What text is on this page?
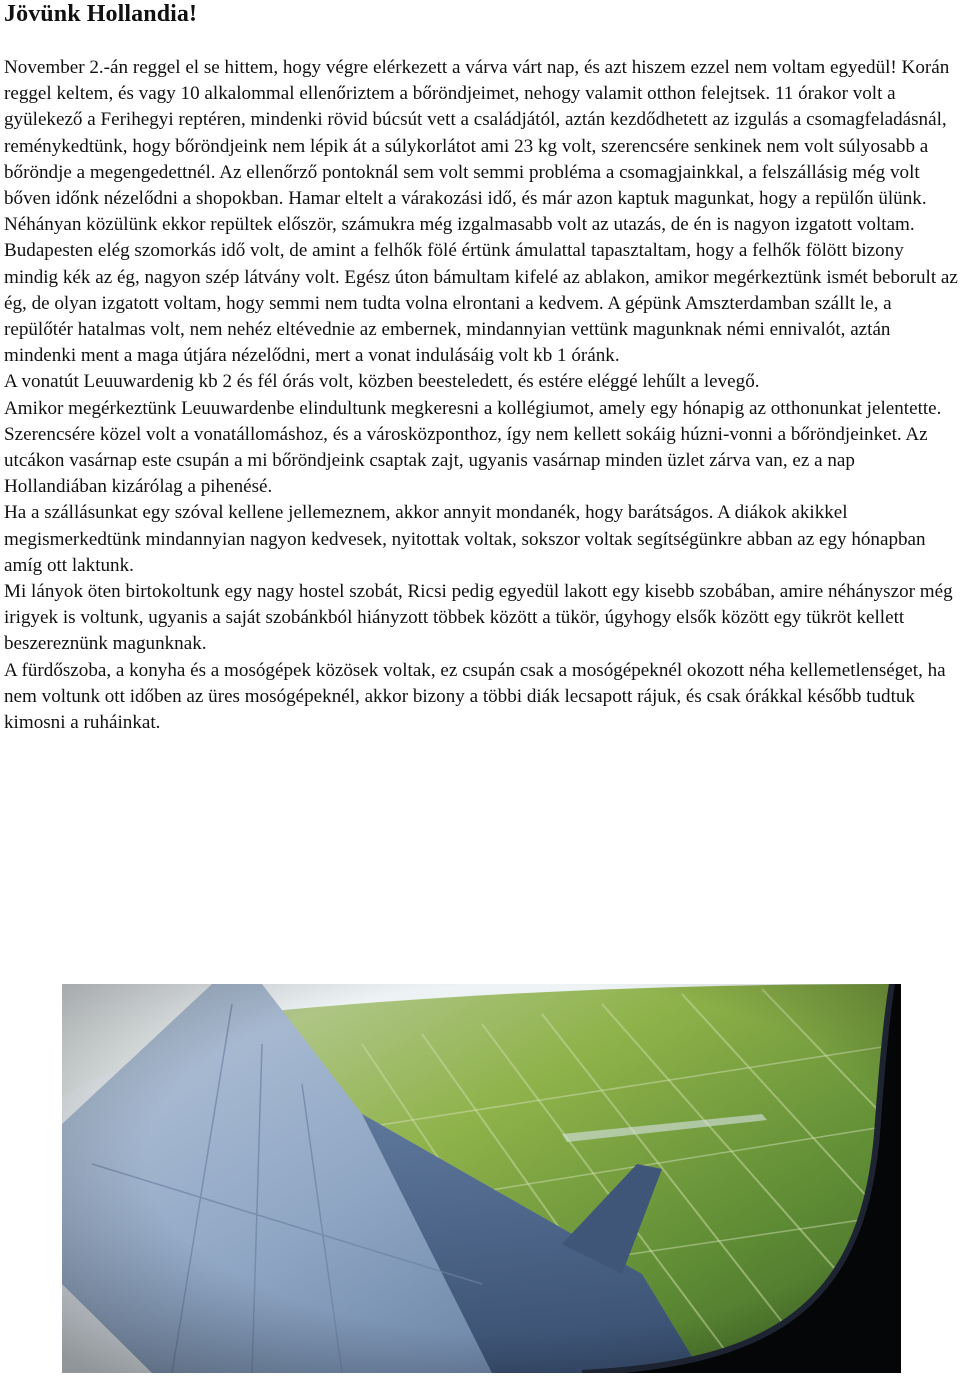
Jövünk Hollandia!

November 2.-án reggel el se hittem, hogy végre elérkezett a várva várt nap, és azt hiszem ezzel nem voltam egyedül! Korán reggel keltem, és vagy 10 alkalommal ellenőriztem a bőröndjeimet, nehogy valamit otthon felejtsek. 11 órakor volt a gyülekező a Ferihegyi reptéren, mindenki rövid búcsút vett a családjától, aztán kezdődhetett az izgulás a csomagfeladásnál, reménykedtünk, hogy bőröndjeink nem lépik át a súlykorlátot ami 23 kg volt, szerencsére senkinek nem volt súlyosabb a bőröndje a megengedettnél. Az ellenőrző pontoknál sem volt semmi probléma a csomagjainkkal, a felszállásig még volt bőven időnk nézelődni a shopokban. Hamar eltelt a várakozási idő, és már azon kaptuk magunkat, hogy a repülőn ülünk. Néhányan közülünk ekkor repültek először, számukra még izgalmasabb volt az utazás, de én is nagyon izgatott voltam.

Budapesten elég szomorkás idő volt, de amint a felhők fölé értünk ámulattal tapasztaltam, hogy a felhők fölött bizony mindig kék az ég, nagyon szép látvány volt. Egész úton bámultam kifelé az ablakon, amikor megérkeztünk ismét beborult az ég, de olyan izgatott voltam, hogy semmi nem tudta volna elrontani a kedvem. A gépünk Amszterdamban szállt le, a repülőtér hatalmas volt, nem nehéz eltévednie az embernek, mindannyian vettünk magunknak némi ennivalót, aztán mindenki ment a maga útjára nézelődni, mert a vonat indulásáig volt kb 1 óránk.

A vonatút Leuuwardenig kb 2 és fél órás volt, közben beesteledett, és estére eléggé lehűlt a levegő.

Amikor megérkeztünk Leuuwardenbe elindultunk megkeresni a kollégiumot, amely egy hónapig az otthonunkat jelentette. Szerencsére közel volt a vonatállomáshoz, és a városközponthoz, így nem kellett sokáig húzni-vonni a bőröndjeinket. Az utcákon vasárnap este csupán a mi bőröndjeink csaptak zajt, ugyanis vasárnap minden üzlet zárva van, ez a nap Hollandiában kizárólag a pihenésé.

Ha a szállásunkat egy szóval kellene jellemeznem, akkor annyit mondanék, hogy barátságos. A diákok akikkel megismerkedtünk mindannyian nagyon kedvesek, nyitottak voltak, sokszor voltak segítségünkre abban az egy hónapban amíg ott laktunk.

Mi lányok öten birtokoltunk egy nagy hostel szobát, Ricsi pedig egyedül lakott egy kisebb szobában, amire néhányszor még irigyek is voltunk, ugyanis a saját szobánkból hiányzott többek között a tükör, úgyhogy elsők között egy tükröt kellett beszereznünk magunknak.

A fürdőszoba, a konyha és a mosógépek közösek voltak, ez csupán csak a mosógépeknél okozott néha kellemetlenséget, ha nem voltunk ott időben az üres mosógépeknél, akkor bizony a többi diák lecsapott rájuk, és csak órákkal később tudtuk kimosni a ruháinkat.
